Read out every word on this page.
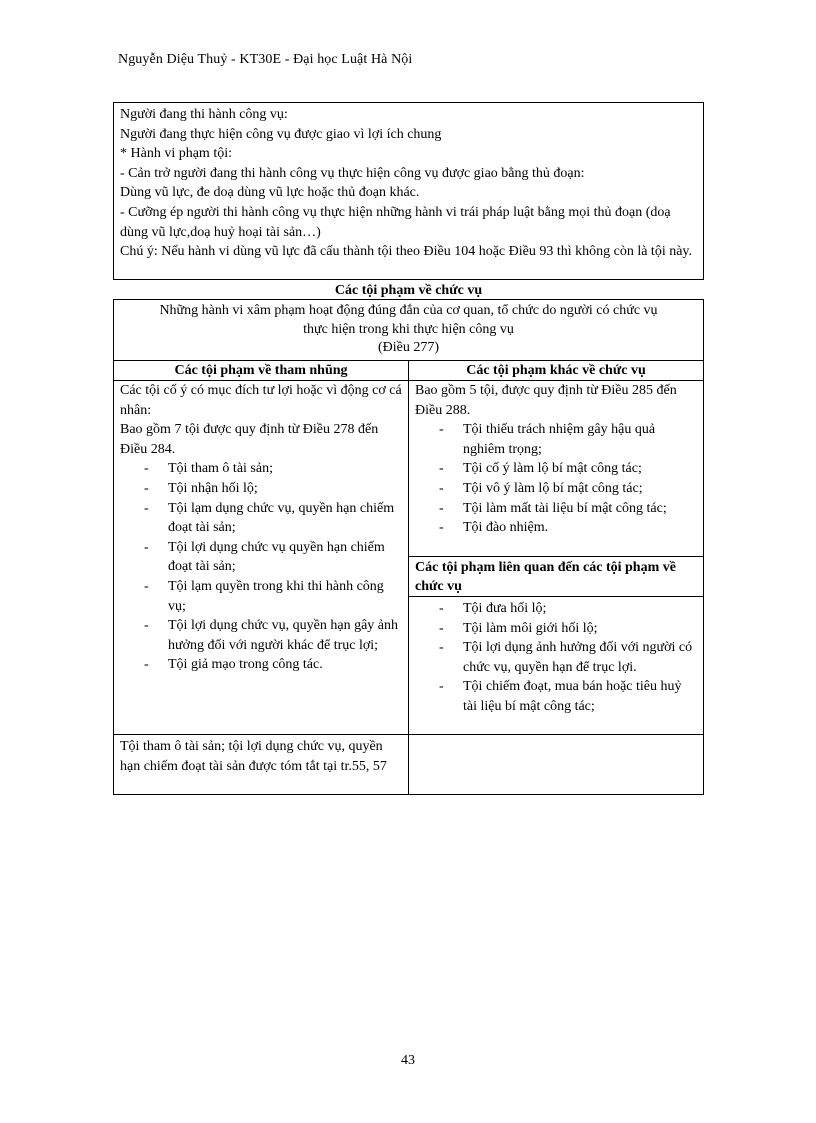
Nguyễn Diệu Thuỷ - KT30E - Đại học Luật Hà Nội
Người đang thi hành công vụ:
Người đang thực hiện công vụ được giao vì lợi ích chung
* Hành vi phạm tội:
- Cản trở người đang thi hành công vụ thực hiện công vụ được giao bằng thủ đoạn:
Dùng vũ lực, đe doạ dùng vũ lực hoặc thủ đoạn khác.
- Cưỡng ép người thi hành công vụ thực hiện những hành vi trái pháp luật bằng mọi thủ đoạn (doạ dùng vũ lực,doạ huỷ hoại tài sản…)
Chú ý: Nếu hành vi dùng vũ lực đã cấu thành tội theo Điều 104 hoặc Điều 93 thì không còn là tội này.
Các tội phạm về chức vụ
Những hành vi xâm phạm hoạt động đúng đắn của cơ quan, tổ chức do người có chức vụ
thực hiện trong khi thực hiện công vụ
(Điều 277)
Các tội phạm về tham nhũng	Các tội phạm khác về chức vụ

Các tội cố ý có mục đích tư lợi hoặc vì động cơ cá nhân:

Bao gồm 7 tội được quy định từ Điều 278 đến Điều 284.

- Tội tham ô tài sản;
- Tội nhận hối lộ;
- Tội lạm dụng chức vụ, quyền hạn chiếm đoạt tài sản;
- Tội lợi dụng chức vụ quyền hạn chiếm đoạt tài sản;
- Tội lạm quyền trong khi thi hành công vụ;
- Tội lợi dụng chức vụ, quyền hạn gây ảnh hưởng đối với người khác để trục lợi;
- Tội giả mạo trong công tác.

Bao gồm 5 tội, được quy định từ Điều 285 đến Điều 288.

- Tội thiếu trách nhiệm gây hậu quả nghiêm trọng;
- Tội cố ý làm lộ bí mật công tác;
- Tội vô ý làm lộ bí mật công tác;
- Tội làm mất tài liệu bí mật công tác;
- Tội đào nhiệm.
Các tội phạm liên quan đến các tội phạm về chức vụ
- Tội đưa hối lộ;
- Tội làm môi giới hối lộ;
- Tội lợi dụng ảnh hưởng đối với người có chức vụ, quyền hạn để trục lợi.
- Tội chiếm đoạt, mua bán hoặc tiêu huỷ tài liệu bí mật công tác;
Tội tham ô tài sản; tội lợi dụng chức vụ, quyền hạn chiếm đoạt tài sản được tóm tắt tại tr.55, 57
43
